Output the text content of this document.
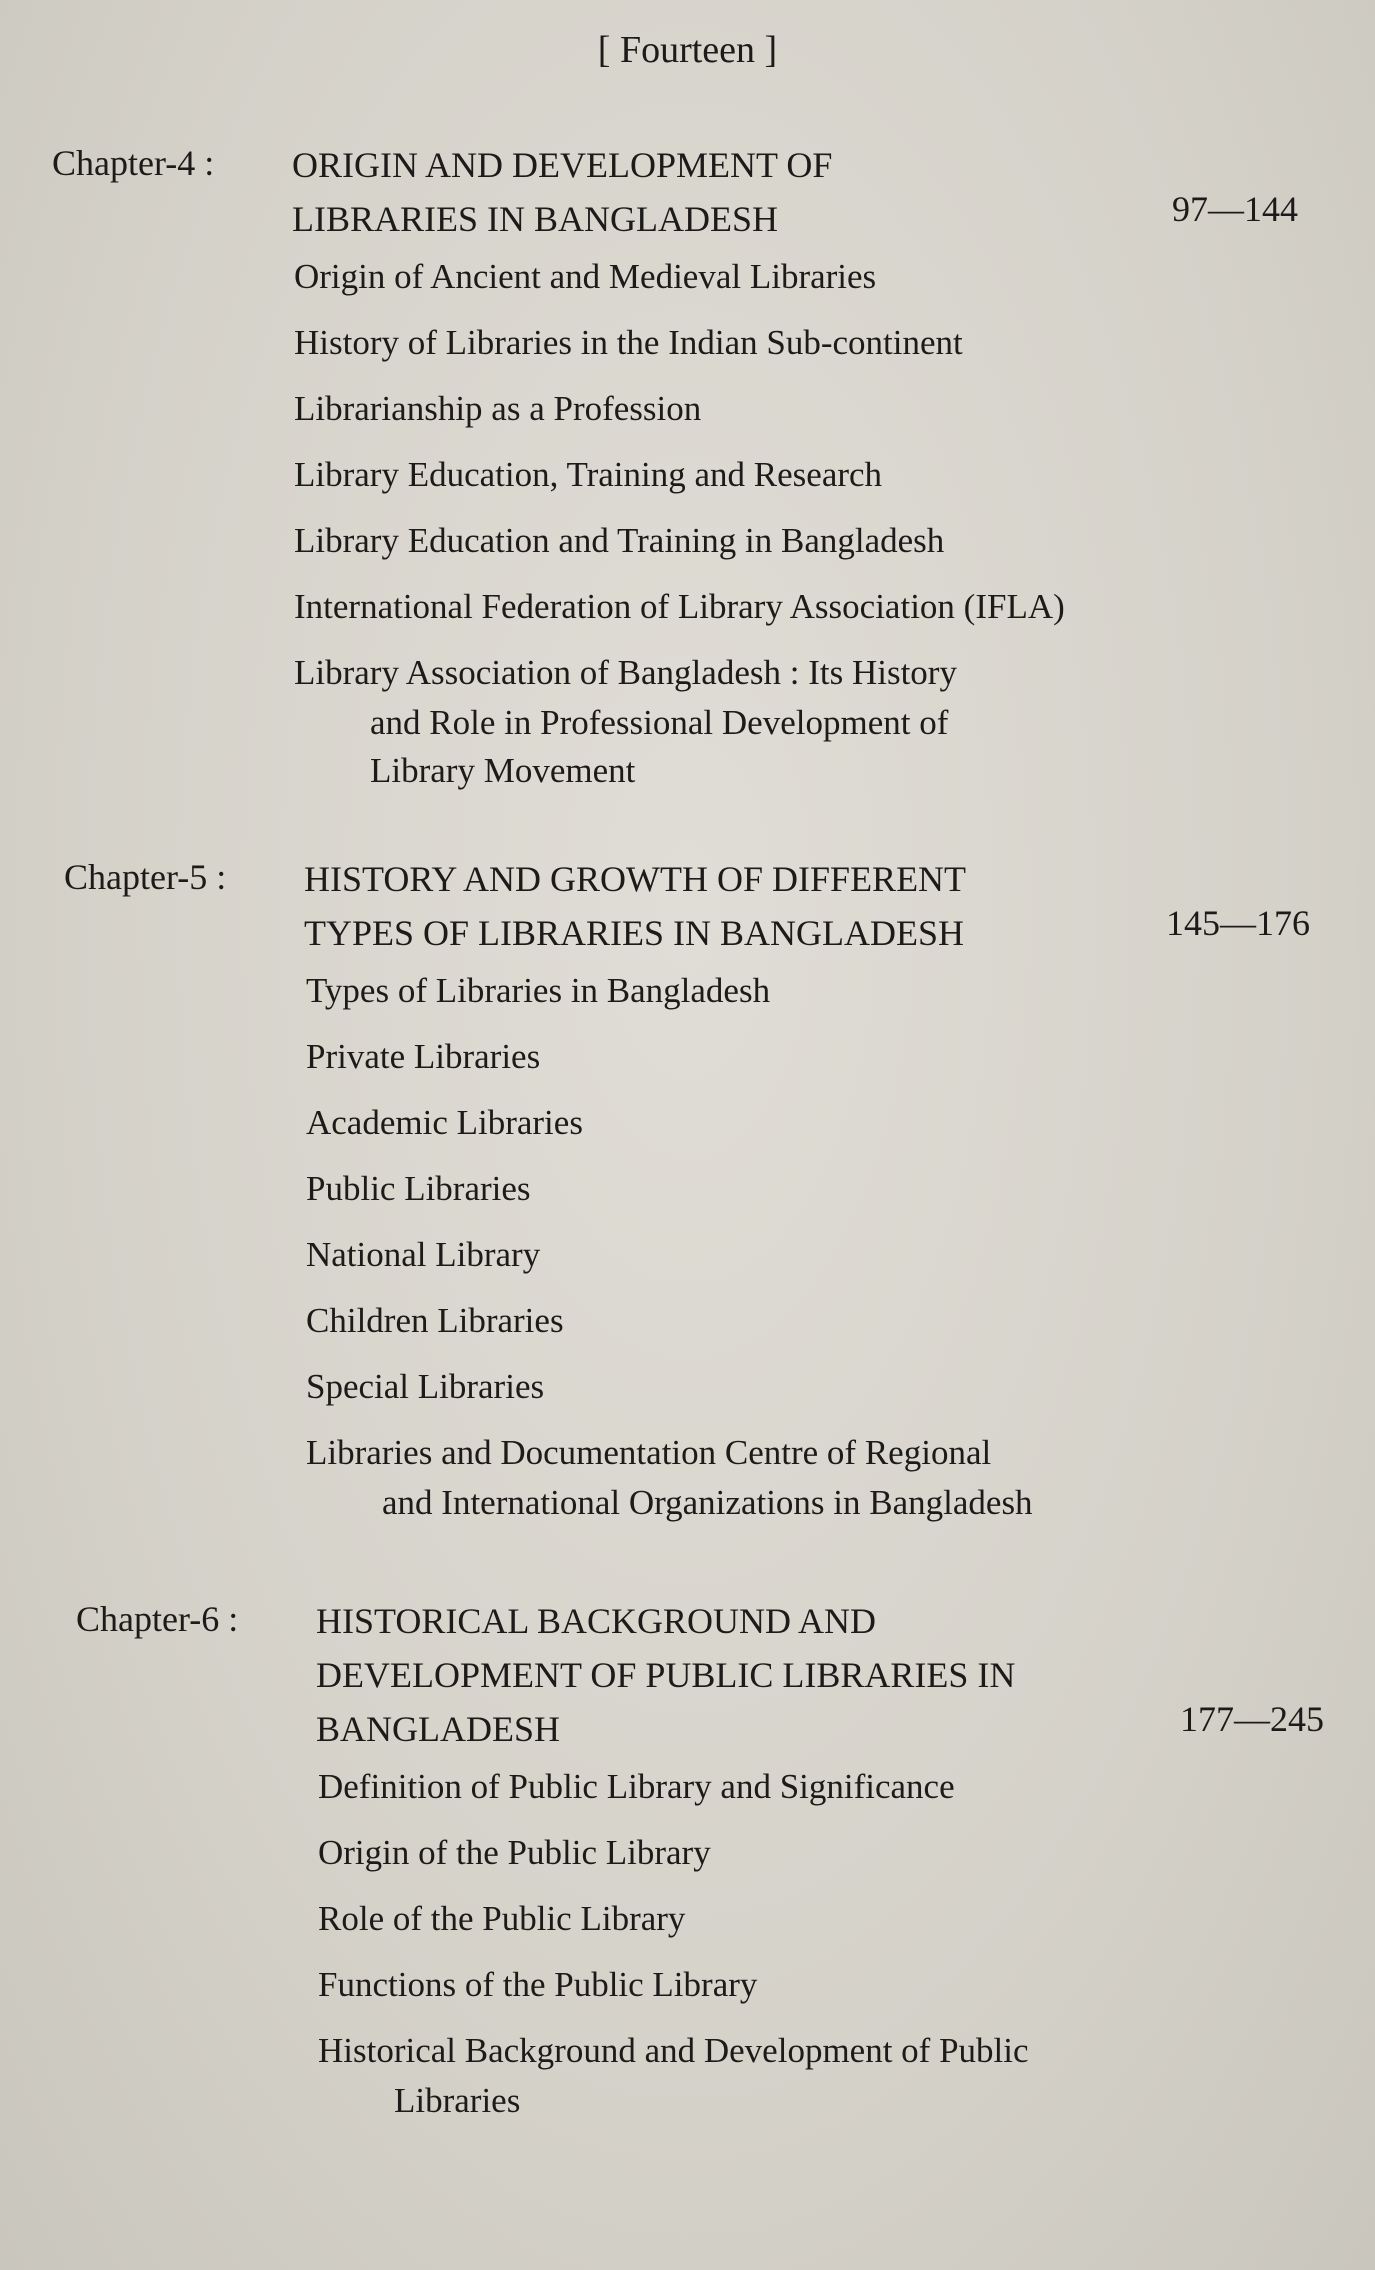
[ Fourteen ]
Chapter-4 : ORIGIN AND DEVELOPMENT OF
LIBRARIES IN BANGLADESH	97—144
Origin of Ancient and Medieval Libraries
History of Libraries in the Indian Sub-continent
Librarianship as a Profession
Library Education, Training and Research
Library Education and Training in Bangladesh
International Federation of Library Association (IFLA)
Library Association of Bangladesh : Its History
and Role in Professional Development of
Library Movement
Chapter-5 : HISTORY AND GROWTH OF DIFFERENT
TYPES OF LIBRARIES IN BANGLADESH	145—176
Types of Libraries in Bangladesh
Private Libraries
Academic Libraries
Public Libraries
National Library
Children Libraries
Special Libraries
Libraries and Documentation Centre of Regional
and International Organizations in Bangladesh
Chapter-6 : HISTORICAL BACKGROUND AND
DEVELOPMENT OF PUBLIC LIBRARIES IN
BANGLADESH	177—245
Definition of Public Library and Significance
Origin of the Public Library
Role of the Public Library
Functions of the Public Library
Historical Background and Development of Public
Libraries
